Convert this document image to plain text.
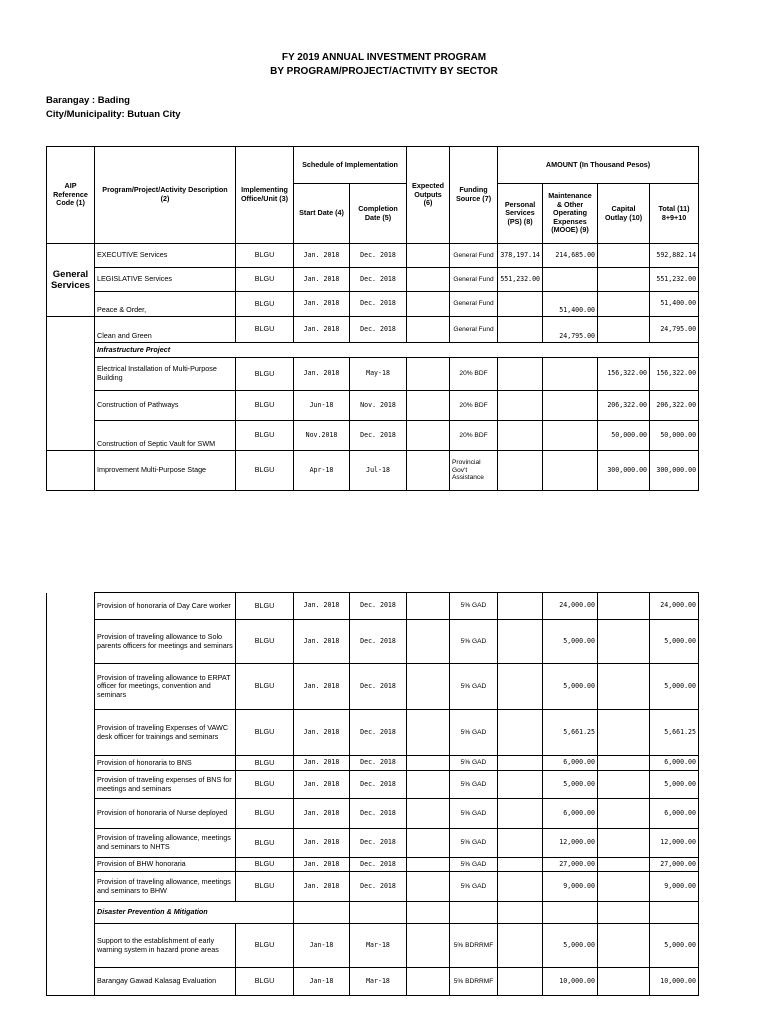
FY 2019 ANNUAL INVESTMENT PROGRAM
BY PROGRAM/PROJECT/ACTIVITY BY SECTOR
Barangay : Bading
City/Municipality: Butuan City
AIP Reference Code (1)	Program/Project/Activity Description (2)	Implementing Office/Unit (3)	Schedule of Implementation		Expected Outputs (6)	Funding Source (7)	AMOUNT (In Thousand Pesos)			
			Start Date (4)	Completion Date (5)			Personal Services (PS) (8)	Maintenance & Other Operating Expenses (MOOE) (9)	Capital Outlay (10)	Total (11) 8+9+10
General Services	EXECUTIVE Services	BLGU	Jan. 2018	Dec. 2018		General Fund	378,197.14	214,685.00		592,882.14
	LEGISLATIVE Services	BLGU	Jan. 2018	Dec. 2018		General Fund	551,232.00			551,232.00
	Peace & Order,	BLGU	Jan. 2018	Dec. 2018		General Fund		51,400.00		51,400.00
	Clean and Green	BLGU	Jan. 2018	Dec. 2018		General Fund		24,795.00		24,795.00
	Infrastructure Project									
	Electrical Installation of Multi-Purpose Building	BLGU	Jan. 2018	May-18		20% BDF			156,322.00	156,322.00
	Construction of Pathways	BLGU	Jun-18	Nov. 2018		20% BDF			206,322.00	206,322.00
	Construction of Septic Vault for SWM	BLGU	Nov.2018	Dec. 2018		20% BDF			50,000.00	50,000.00
	Improvement Multi-Purpose Stage	BLGU	Apr-18	Jul-18		Provincial Gov't Assistance			300,000.00	300,000.00
	Provision of honoraria of Day Care worker	BLGU	Jan. 2018	Dec. 2018		5% GAD		24,000.00		24,000.00
	Provision of traveling allowance to Solo parents officers for meetings and seminars	BLGU	Jan. 2018	Dec. 2018		5% GAD		5,000.00		5,000.00
	Provision of traveling allowance to ERPAT officer for meetings, convention and seminars	BLGU	Jan. 2018	Dec. 2018		5% GAD		5,000.00		5,000.00
	Provision of traveling Expenses of VAWC desk officer for trainings and seminars	BLGU	Jan. 2018	Dec. 2018		5% GAD		5,661.25		5,661.25
	Provision of honoraria to BNS	BLGU	Jan. 2018	Dec. 2018		5% GAD		6,000.00		6,000.00
	Provision of traveling expenses of BNS for meetings and seminars	BLGU	Jan. 2018	Dec. 2018		5% GAD		5,000.00		5,000.00
	Provision of honoraria of Nurse deployed	BLGU	Jan. 2018	Dec. 2018		5% GAD		6,000.00		6,000.00
	Provision of traveling allowance, meetings and seminars to NHTS	BLGU	Jan. 2018	Dec. 2018		5% GAD		12,000.00		12,000.00
	Provision of BHW honoraria	BLGU	Jan. 2018	Dec. 2018		5% GAD		27,000.00		27,000.00
	Provision of traveling allowance, meetings and seminars to BHW	BLGU	Jan. 2018	Dec. 2018		5% GAD		9,000.00		9,000.00
	Disaster Prevention & Mitigation									
	Support to the establishment of early warning system in hazard prone areas	BLGU	Jan-18	Mar-18		5% BDRRMF		5,000.00		5,000.00
	Barangay Gawad Kalasag Evaluation	BLGU	Jan-18	Mar-18		5% BDRRMF		10,000.00		10,000.00
